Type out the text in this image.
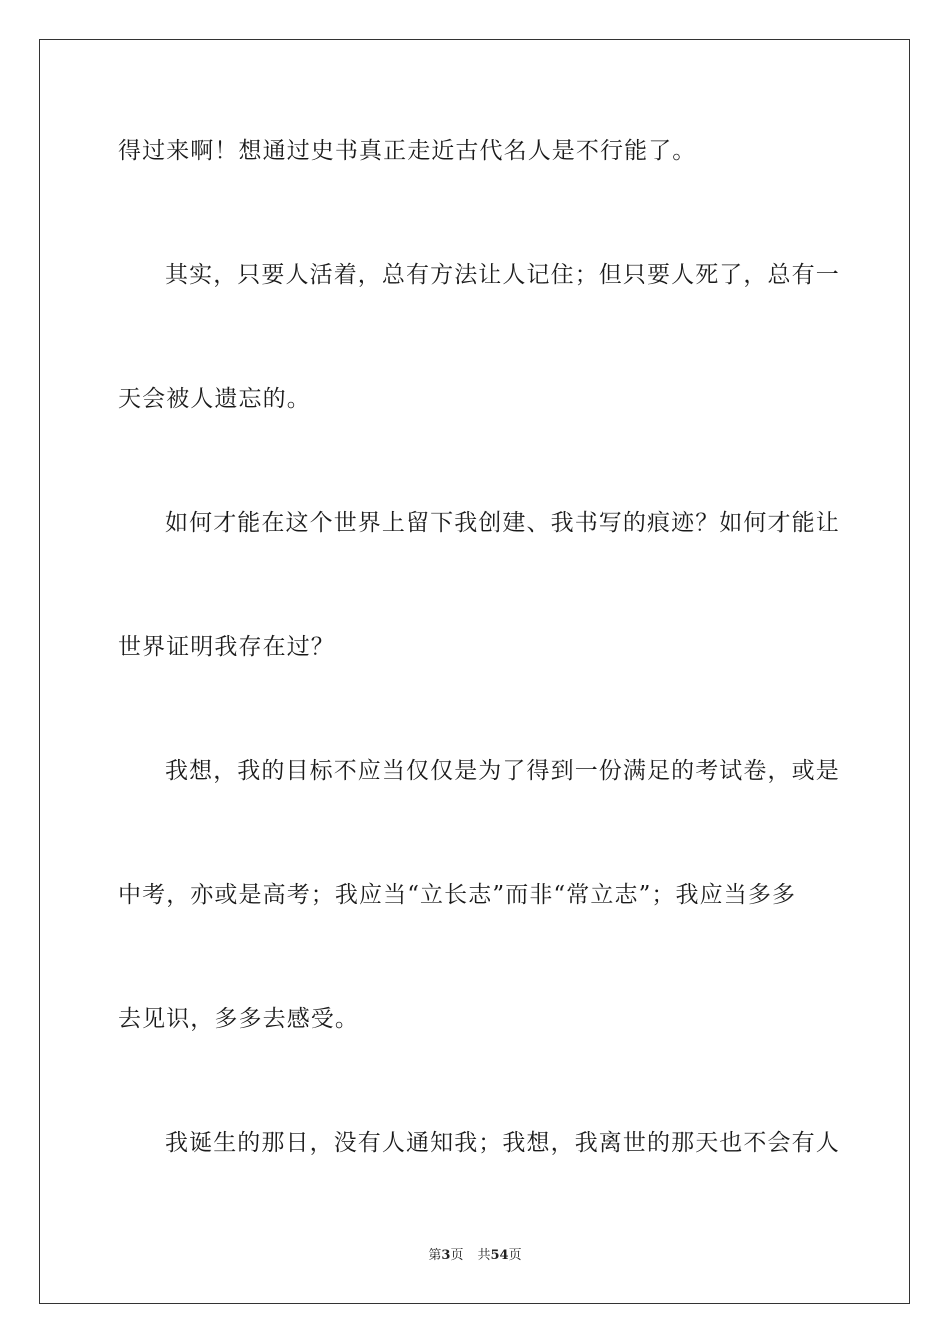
得过来啊！想通过史书真正走近古代名人是不行能了。
其实，只要人活着，总有方法让人记住；但只要人死了，总有一
天会被人遗忘的。
如何才能在这个世界上留下我创建、我书写的痕迹？如何才能让
世界证明我存在过？
我想，我的目标不应当仅仅是为了得到一份满足的考试卷，或是
中考，亦或是高考；我应当“立长志”而非“常立志”；我应当多多
去见识，多多去感受。
我诞生的那日，没有人通知我；我想，我离世的那天也不会有人
第3页 共54页
